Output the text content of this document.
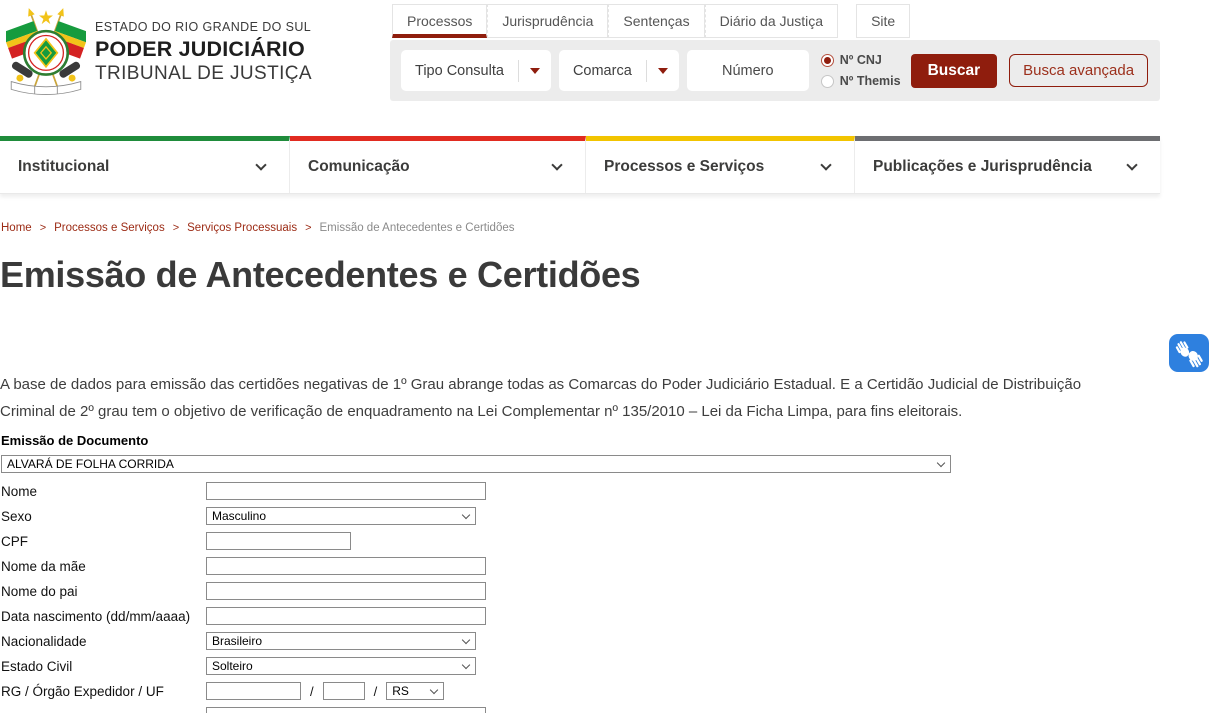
ESTADO DO RIO GRANDE DO SUL
PODER JUDICIÁRIO
TRIBUNAL DE JUSTIÇA
Processos	Jurisprudência	Sentenças	Diário da Justiça	Site
Tipo Consulta	Comarca
Número
Nº CNJ
Nº Themis
Buscar	Busca avançada
Institucional	Comunicação	Processos e Serviços	Publicações e Jurisprudência
Home > Processos e Serviços > Serviços Processuais > Emissão de Antecedentes e Certidões
Emissão de Antecedentes e Certidões

A base de dados para emissão das certidões negativas de 1º Grau abrange todas as Comarcas do Poder Judiciário Estadual. E a Certidão Judicial de Distribuição Criminal de 2º grau tem o objetivo de verificação de enquadramento na Lei Complementar nº 135/2010 – Lei da Ficha Limpa, para fins eleitorais.

Emissão de Documento
ALVARÁ DE FOLHA CORRIDA
Nome
Sexo	Masculino
CPF
Nome da mãe
Nome do pai
Data nascimento (dd/mm/aaaa)
Nacionalidade	Brasileiro
Estado Civil	Solteiro
RG / Órgão Expedidor / UF	/	/	RS
